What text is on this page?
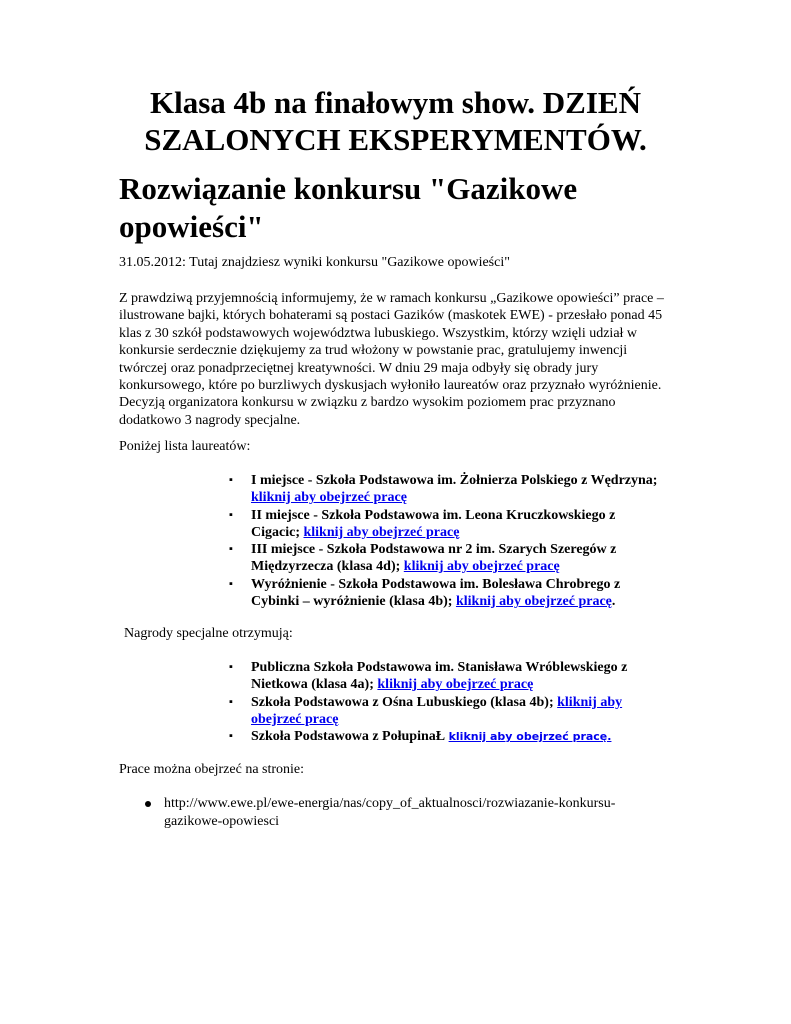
Klasa 4b na finałowym show. DZIEŃ SZALONYCH EKSPERYMENTÓW.
Rozwiązanie konkursu "Gazikowe opowieści"

31.05.2012: Tutaj znajdziesz wyniki konkursu "Gazikowe opowieści"

Z prawdziwą przyjemnością informujemy, że w ramach konkursu „Gazikowe opowieści” prace – ilustrowane bajki, których bohaterami są postaci Gazików (maskotek EWE) - przesłało ponad 45 klas z 30 szkół podstawowych województwa lubuskiego. Wszystkim, którzy wzięli udział w konkursie serdecznie dziękujemy za trud włożony w powstanie prac, gratulujemy inwencji twórczej oraz ponadprzeciętnej kreatywności. W dniu 29 maja odbyły się obrady jury konkursowego, które po burzliwych dyskusjach wyłoniło laureatów oraz przyznało wyróżnienie. Decyzją organizatora konkursu w związku z bardzo wysokim poziomem prac przyznano dodatkowo 3 nagrody specjalne.

Poniżej lista laureatów:

▪ I miejsce - Szkoła Podstawowa im. Żołnierza Polskiego z Wędrzyna; kliknij aby obejrzeć pracę
▪ II miejsce - Szkoła Podstawowa im. Leona Kruczkowskiego z Cigacic; kliknij aby obejrzeć pracę
▪ III miejsce - Szkoła Podstawowa nr 2 im. Szarych Szeregów z Międzyrzecza (klasa 4d); kliknij aby obejrzeć pracę
▪ Wyróżnienie - Szkoła Podstawowa im. Bolesława Chrobrego z Cybinki – wyróżnienie (klasa 4b); kliknij aby obejrzeć pracę.

Nagrody specjalne otrzymują:

▪ Publiczna Szkoła Podstawowa im. Stanisława Wróblewskiego z Nietkowa (klasa 4a); kliknij aby obejrzeć pracę
▪ Szkoła Podstawowa z Ośna Lubuskiego (klasa 4b); kliknij aby obejrzeć pracę
▪ Szkoła Podstawowa z PołupinaŁ kliknij aby obejrzeć pracę.

Prace można obejrzeć na stronie:

http://www.ewe.pl/ewe-energia/nas/copy_of_aktualnosci/rozwiazanie-konkursu-gazikowe-opowiesci
